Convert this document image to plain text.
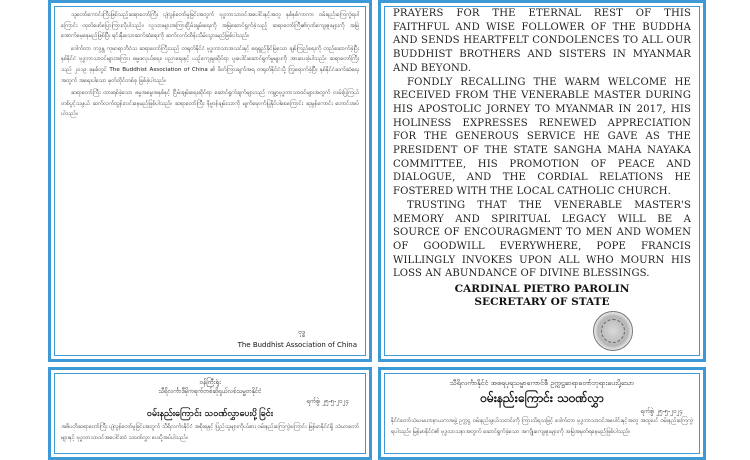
သူတော်ကောင်းကြီးဖြစ်သည့်ဆရာတော်ကြီး ပျံလွန်တော်မူခြင်းအတွက် ဗုဒ္ဓဘာသာဝင်အပေါင်းနှင့်အတူ နှစ်နှစ်ကာကာ ဝမ်းနည်းကြေကွဲရပါကြောင်း ထုတ်ဖော်ပြောကြားလိုပါသည်။ လူသားများအကြားငြိမ်းချမ်းရေးကို အမြဲဆောင်ရွက်ခဲ့သည့် ဆရာတော်ကြီး၏ဂုဏ်ကျေးဇူးများကို အမြဲအောက်မေ့နေမည်ဖြစ်ပြီး ရင်းနှီးသောဆက်ဆံရေးကို ဆက်လက်ထိန်းသိမ်းသွားမည်ဖြစ်ပါသည်။

ဒေါက်တာ ဘဒ္ဒန္တ ကုမာရာဘိဝံသ ဆရာတော်ကြီးသည် တရုတ်နိုင်ငံ ဗုဒ္ဓဘာသာအသင်းနှင့် ရေရှည်ခိုင်မြဲသော ချစ်ကြည်ရေးကို တည်ဆောက်ခဲ့ပြီး နှစ်နိုင်ငံ ဗုဒ္ဓဘာသာဝင်များအကြား ဓမ္မဖလှယ်ရေး၊ ပညာရေးနှင့် ယဉ်ကျေးမှုဆိုင်ရာ ပူးပေါင်းဆောင်ရွက်မှုများကို အားပေးခဲ့ပါသည်။ ဆရာတော်ကြီးသည် ၂၀၁၉ ခုနှစ်တွင် The Buddhist Association of China ၏ ဖိတ်ကြားချက်အရ တရုတ်နိုင်ငံသို့ ကြွရောက်ခဲ့ပြီး နှစ်နိုင်ငံဆက်ဆံရေးအတွက် အရေးပါသော မှတ်တိုင်တစ်ခု ဖြစ်ခဲ့ပါသည်။

ဆရာတော်ကြီး ထားရစ်ခဲ့သော ဓမ္မအမွေအနှစ်နှင့် ငြိမ်းချမ်းရေးဆိုင်ရာ ဆောင်ရွက်ချက်များသည် ကမ္ဘာ့ဗုဒ္ဓဘာသာဝင်များအတွက် လမ်းပြကြယ်တစ်ပွင့်သဖွယ် ဆက်လက်ထွန်းလင်းနေမည်ဖြစ်ပါသည်။ ဆရာတော်ကြီး နိဗ္ဗာန်ချမ်းသာကို မျက်မှောက်ပြုနိုင်ပါစေကြောင်း ဆုမွန်ကောင်း တောင်းအပ်ပါသည်။

ဗုဒ္ဓ
The Buddhist Association of China

PRAYERS FOR THE ETERNAL REST OF THIS FAITHFUL AND WISE FOLLOWER OF THE BUDDHA AND SENDS HEARTFELT CONDOLENCES TO ALL OUR BUDDHIST BROTHERS AND SISTERS IN MYANMAR AND BEYOND.

FONDLY RECALLING THE WARM WELCOME HE RECEIVED FROM THE VENERABLE MASTER DURING HIS APOSTOLIC JORNEY TO MYANMAR IN 2017, HIS HOLINESS EXPRESSES RENEWED APPRECIATION FOR THE GENEROUS SERVICE HE GAVE AS THE PRESIDENT OF THE STATE SANGHA MAHA NAYAKA COMMITTEE, HIS PROMOTION OF PEACE AND DIALOGUE, AND THE CORDIAL RELATIONS HE FOSTERED WITH THE LOCAL CATHOLIC CHURCH.

TRUSTING THAT THE VENERABLE MASTER'S MEMORY AND SPIRITUAL LEGACY WILL BE A SOURCE OF ENCOURAGMENT TO MEN AND WOMEN OF GOODWILL EVERYWHERE, POPE FRANCIS WILLINGLY INVOKES UPON ALL WHO MOURN HIS LOSS AN ABUNDANCE OF DIVINE BLESSINGS.

CARDINAL PIETRO PAROLIN
SECRETARY OF STATE
ဝန်ကြီးရုံး
သီရိလင်္ကာဒီမိုကရက်တစ်ဆိုရှယ်လစ်သမ္မတနိုင်ငံ
ရက်စွဲ၊ ၂၅-၅-၂၀၂၄
ဝမ်းနည်းကြောင်း သဝဏ်လွှာပေးပို့ခြင်း
အဓိပတိဆရာတော်ကြီး ပျံလွန်တော်မူခြင်းအတွက် သီရိလင်္ကာနိုင်ငံ အစိုးရနှင့် ပြည်သူများကိုယ်စား ဝမ်းနည်းကြေကွဲကြောင်း မြန်မာနိုင်ငံရှိ သံဃာတော်များနှင့် ဗုဒ္ဓဘာသာဝင်အပေါင်းထံ သဝဏ်လွှာ ပေးပို့အပ်ပါသည်။
သီရိလင်္ကာနိုင်ငံ အစရပုရသမ္မာကောင်စီ ဥက္ကဋ္ဌဆရာတော်ဘုရားပေးပို့သော
ဝမ်းနည်းကြောင်း သဝဏ်လွှာ
ရက်စွဲ၊ ၂၅-၅-၂၀၂၄
နိုင်ငံတော်သံဃမဟာနာယကအဖွဲ့ ဥက္ကဋ္ဌ ဝမ်းနည်းဖွယ်သတင်းကို ကြားသိရသဖြင့် ဒေါက်တာ ဗုဒ္ဓဘာသာဝင်အပေါင်းနှင့်အတူ အထူးပင် ဝမ်းနည်းကြေကွဲရပါသည်။ မြန်မာနိုင်ငံ၏ ဗုဒ္ဓသာသနာအတွက် ဆောင်ရွက်ခဲ့သော အကျိုးကျေးဇူးများကို အမြဲအမှတ်ရနေမည်ဖြစ်ပါသည်။
